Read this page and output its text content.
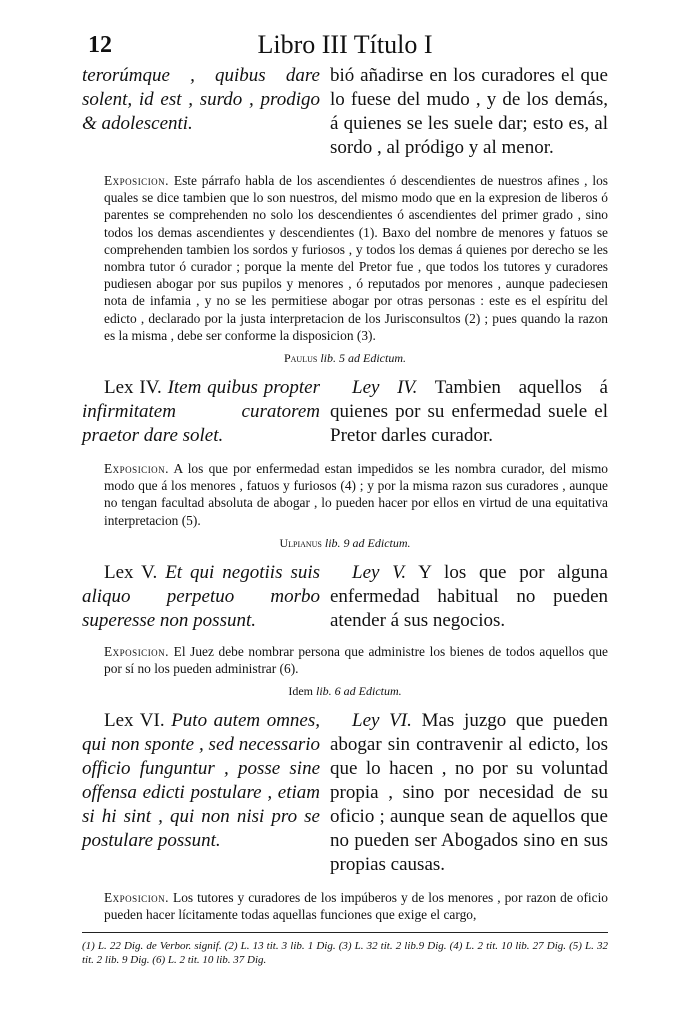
12	Libro III Título I

terorúmque , quibus dare solent, id est , surdo , prodigo & adolescenti.

bió añadirse en los curadores el que lo fuese del mudo , y de los demás, á quienes se les suele dar; esto es, al sordo , al pródigo y al menor.

Exposicion. Este párrafo habla de los ascendientes ó descendientes de nuestros afines , los quales se dice tambien que lo son nuestros, del mismo modo que en la expresion de liberos ó parentes se comprehenden no solo los descendientes ó ascendientes del primer grado , sino todos los demas ascendientes y descendientes (1). Baxo del nombre de menores y fatuos se comprehenden tambien los sordos y furiosos , y todos los demas á quienes por derecho se les nombra tutor ó curador ; porque la mente del Pretor fue , que todos los tutores y curadores pudiesen abogar por sus pupilos y menores , ó reputados por menores , aunque padeciesen nota de infamia , y no se les permitiese abogar por otras personas : este es el espíritu del edicto , declarado por la justa interpretacion de los Jurisconsultos (2) ; pues quando la razon es la misma , debe ser conforme la disposicion (3).

Paulus lib. 5 ad Edictum.

Lex IV. Item quibus propter infirmitatem curatorem praetor dare solet.

Ley IV. Tambien aquellos á quienes por su enfermedad suele el Pretor darles curador.

Exposicion. A los que por enfermedad estan impedidos se les nombra curador, del mismo modo que á los menores , fatuos y furiosos (4) ; y por la misma razon sus curadores , aunque no tengan facultad absoluta de abogar , lo pueden hacer por ellos en virtud de una equitativa interpretacion (5).

Ulpianus lib. 9 ad Edictum.

Lex V. Et qui negotiis suis aliquo perpetuo morbo superesse non possunt.

Ley V. Y los que por alguna enfermedad habitual no pueden atender á sus negocios.

Exposicion. El Juez debe nombrar persona que administre los bienes de todos aquellos que por sí no los pueden administrar (6).

Idem lib. 6 ad Edictum.

Lex VI. Puto autem omnes, qui non sponte , sed necessario officio funguntur , posse sine offensa edicti postulare , etiam si hi sint , qui non nisi pro se postulare possunt.

Ley VI. Mas juzgo que pueden abogar sin contravenir al edicto, los que lo hacen , no por su voluntad propia , sino por necesidad de su oficio ; aunque sean de aquellos que no pueden ser Abogados sino en sus propias causas.

Exposicion. Los tutores y curadores de los impúberos y de los menores , por razon de oficio pueden hacer lícitamente todas aquellas funciones que exige el cargo,

(1) L. 22 Dig. de Verbor. signif. (2) L. 13 tit. 3 lib. 1 Dig. (3) L. 32 tit. 2 lib.9 Dig. (4) L. 2 tit. 10 lib. 27 Dig. (5) L. 32 tit. 2 lib. 9 Dig. (6) L. 2 tit. 10 lib. 37 Dig.
